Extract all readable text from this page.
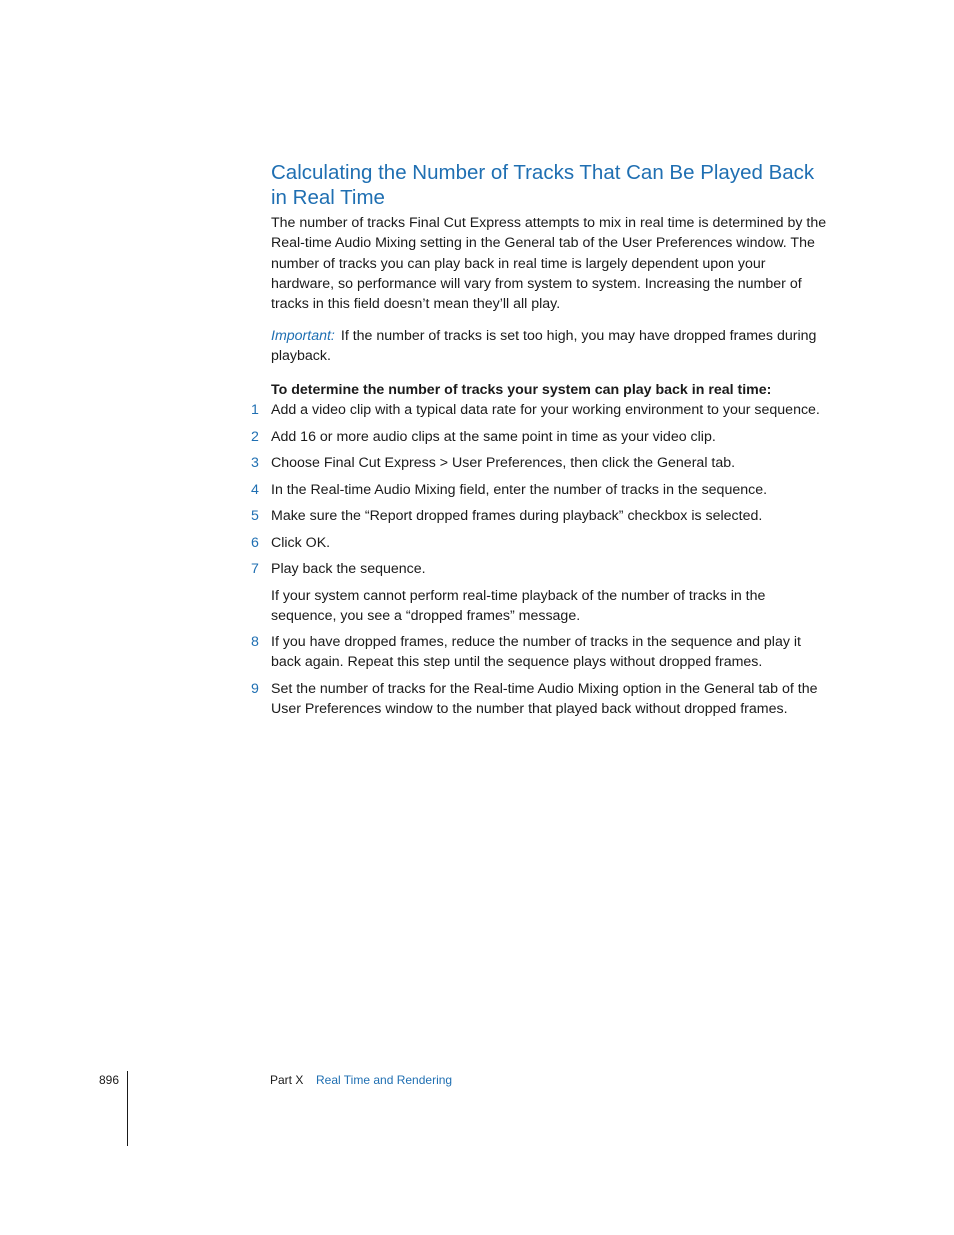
Calculating the Number of Tracks That Can Be Played Back in Real Time

The number of tracks Final Cut Express attempts to mix in real time is determined by the Real-time Audio Mixing setting in the General tab of the User Preferences window. The number of tracks you can play back in real time is largely dependent upon your hardware, so performance will vary from system to system. Increasing the number of tracks in this field doesn’t mean they’ll all play.

Important: If the number of tracks is set too high, you may have dropped frames during playback.

To determine the number of tracks your system can play back in real time:

1 Add a video clip with a typical data rate for your working environment to your sequence.
2 Add 16 or more audio clips at the same point in time as your video clip.
3 Choose Final Cut Express > User Preferences, then click the General tab.
4 In the Real-time Audio Mixing field, enter the number of tracks in the sequence.
5 Make sure the “Report dropped frames during playback” checkbox is selected.
6 Click OK.
7 Play back the sequence.

If your system cannot perform real-time playback of the number of tracks in the sequence, you see a “dropped frames” message.

8 If you have dropped frames, reduce the number of tracks in the sequence and play it back again. Repeat this step until the sequence plays without dropped frames.
9 Set the number of tracks for the Real-time Audio Mixing option in the General tab of the User Preferences window to the number that played back without dropped frames.
896	Part X Real Time and Rendering
